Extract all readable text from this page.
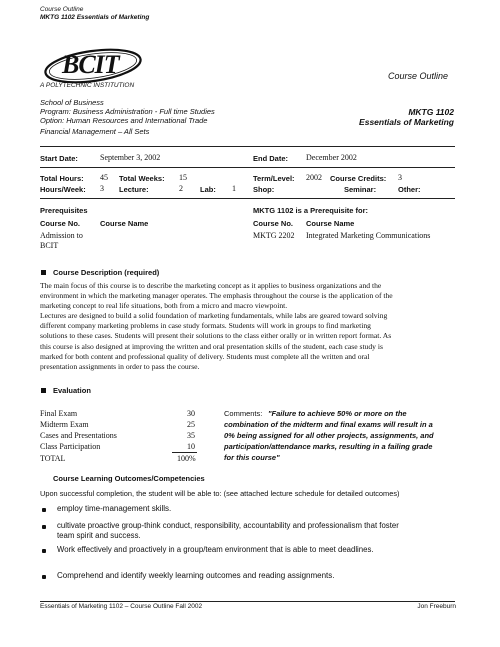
Course Outline
MKTG 1102 Essentials of Marketing
BCIT
A POLYTECHNIC INSTITUTION
Course Outline
School of Business
Program: Business Administration - Full time Studies
Option: Human Resources and International Trade
Financial Management – All Sets
MKTG 1102
Essentials of Marketing
Start Date:	September 3, 2002	End Date: December 2002
Total Hours: 45 Total Weeks: 15	Term/Level: 2002 Course Credits: 3
Hours/Week: 3 Lecture:	2 Lab: 1 Shop:	Seminar:	Other:
Prerequisites	MKTG 1102 is a Prerequisite for:
Course No.	Course Name	Course No. Course Name
Admission to
BCIT
MKTG 2202 Integrated Marketing Communications
Course Description (required)
The main focus of this course is to describe the marketing concept as it applies to business organizations and the
environment in which the marketing manager operates. The emphasis throughout the course is the application of the
marketing concept to real life situations, both from a micro and macro viewpoint.
Lectures are designed to build a solid foundation of marketing fundamentals, while labs are geared toward solving
different company marketing problems in case study formats. Students will work in groups to find marketing
solutions to these cases. Students will present their solutions to the class either orally or in written report format. As
this course is also designed at improving the written and oral presentation skills of the student, each case study is
marked for both content and professional quality of delivery. Students must complete all the written and oral
presentation assignments in order to pass the course.
Evaluation
Final Exam	30
Midterm Exam	25
Cases and Presentations	35
Class Participation	10
TOTAL	100%
Comments: "Failure to achieve 50% or more on the
combination of the midterm and final exams will result in a
0% being assigned for all other projects, assignments, and
participation/attendance marks, resulting in a failing grade
for this course"
Course Learning Outcomes/Competencies
Upon successful completion, the student will be able to: (see attached lecture schedule for detailed outcomes)
employ time-management skills.
cultivate proactive group-think conduct, responsibility, accountability and professionalism that foster
team spirit and success.
Work effectively and proactively in a group/team environment that is able to meet deadlines.
Comprehend and identify weekly learning outcomes and reading assignments.
Essentials of Marketing 1102 – Course Outline Fall 2002	Jon Freeburn
